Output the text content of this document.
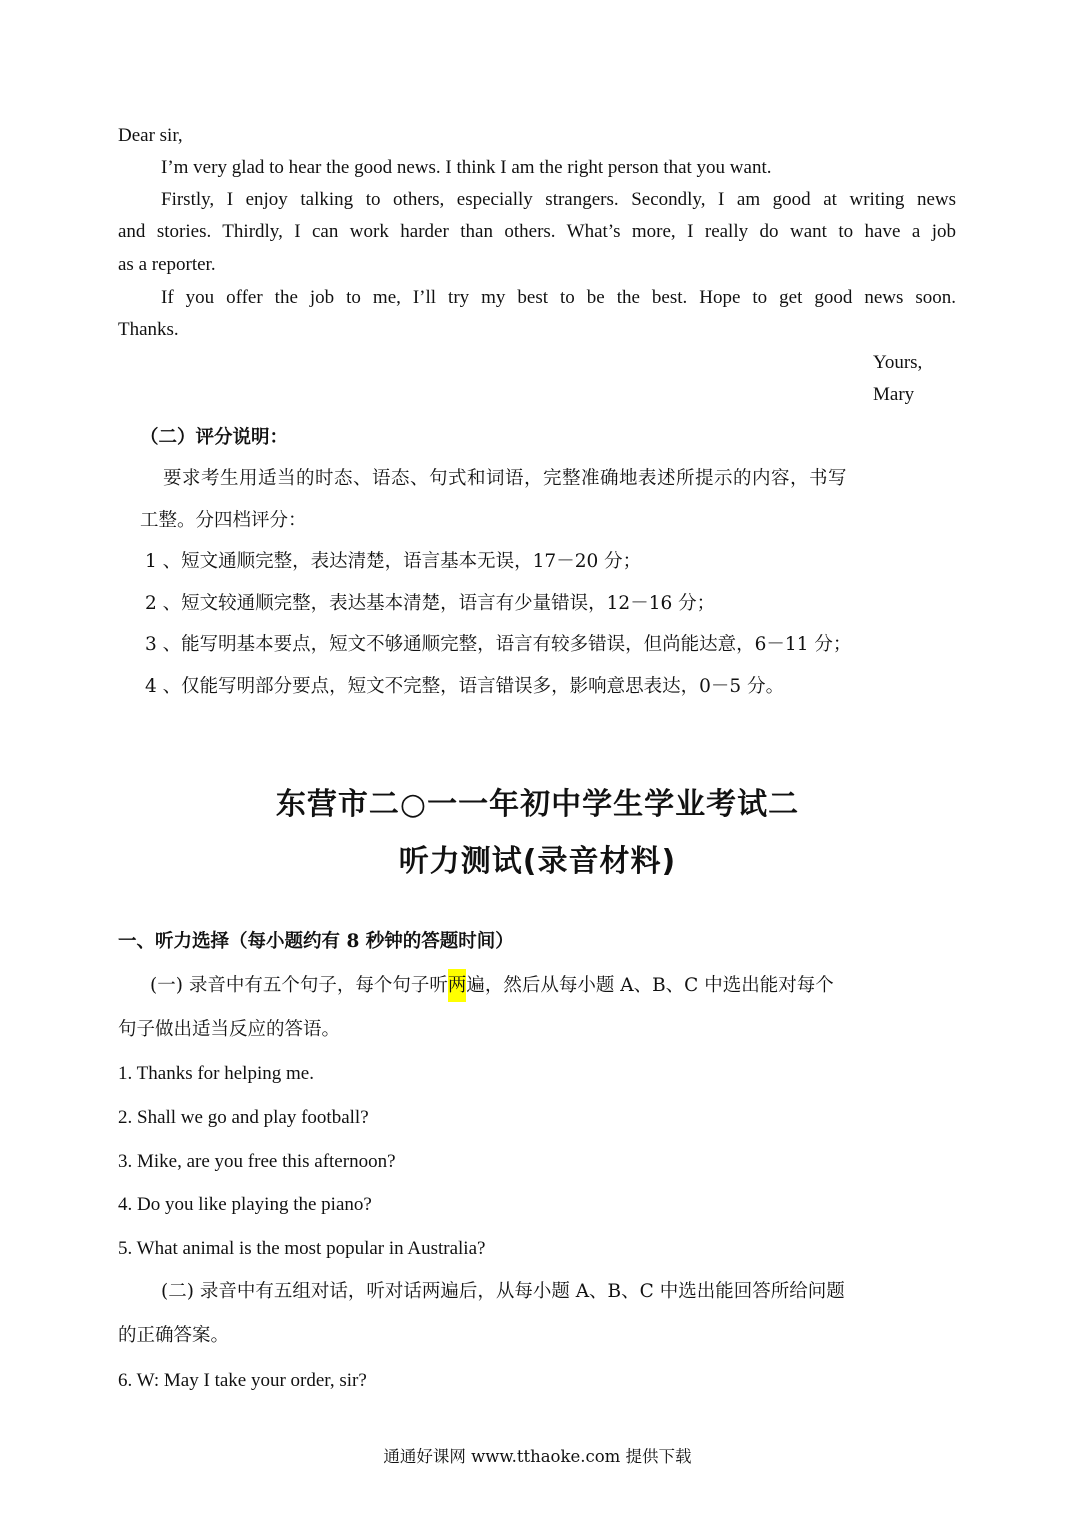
Dear sir,
I’m very glad to hear the good news. I think I am the right person that you want.
Firstly, I enjoy talking to others, especially strangers. Secondly, I am good at writing news
and stories. Thirdly, I can work harder than others. What’s more, I really do want to have a job
as a reporter.
If you offer the job to me, I’ll try my best to be the best. Hope to get good news soon.
Thanks.
Yours,
Mary
（二）评分说明：
要求考生用适当的时态、语态、句式和词语，完整准确地表述所提示的内容，书写
工整。分四档评分：
1 、短文通顺完整，表达清楚，语言基本无误，17－20 分；
2 、短文较通顺完整，表达基本清楚，语言有少量错误，12－16 分；
3 、能写明基本要点，短文不够通顺完整，语言有较多错误，但尚能达意，6－11 分；
4 、仅能写明部分要点，短文不完整，语言错误多，影响意思表达，0－5 分。
东营市二○一一年初中学生学业考试二
听力测试(录音材料)
一、听力选择（每小题约有 8 秒钟的答题时间）
(一) 录音中有五个句子，每个句子听两遍，然后从每小题 A、B、C 中选出能对每个
句子做出适当反应的答语。
1. Thanks for helping me.
2. Shall we go and play football?
3. Mike, are you free this afternoon?
4. Do you like playing the piano?
5. What animal is the most popular in Australia?
(二) 录音中有五组对话，听对话两遍后，从每小题 A、B、C 中选出能回答所给问题
的正确答案。
6. W: May I take your order, sir?
通通好课网 www.tthaoke.com 提供下载
